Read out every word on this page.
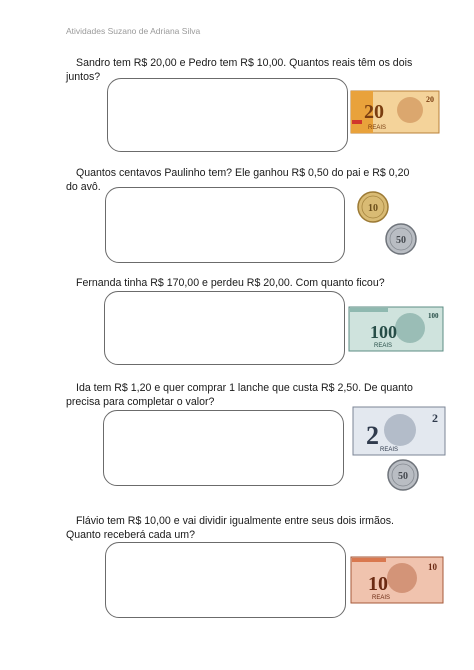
Atividades Suzano de Adriana Silva
Sandro tem R$ 20,00 e Pedro tem R$ 10,00. Quantos reais têm os dois juntos?
20
20
REAIS
Quantos centavos Paulinho tem? Ele ganhou R$ 0,50 do pai e R$ 0,20 do avô.
10
50
Fernanda tinha R$ 170,00 e perdeu R$ 20,00. Com quanto ficou?
100
100
REAIS
Ida tem R$ 1,20 e quer comprar 1 lanche que custa R$ 2,50. De quanto precisa para completar o valor?
2
2
REAIS
50
Flávio tem R$ 10,00 e vai dividir igualmente entre seus dois irmãos. Quanto receberá cada um?
10
10
REAIS
